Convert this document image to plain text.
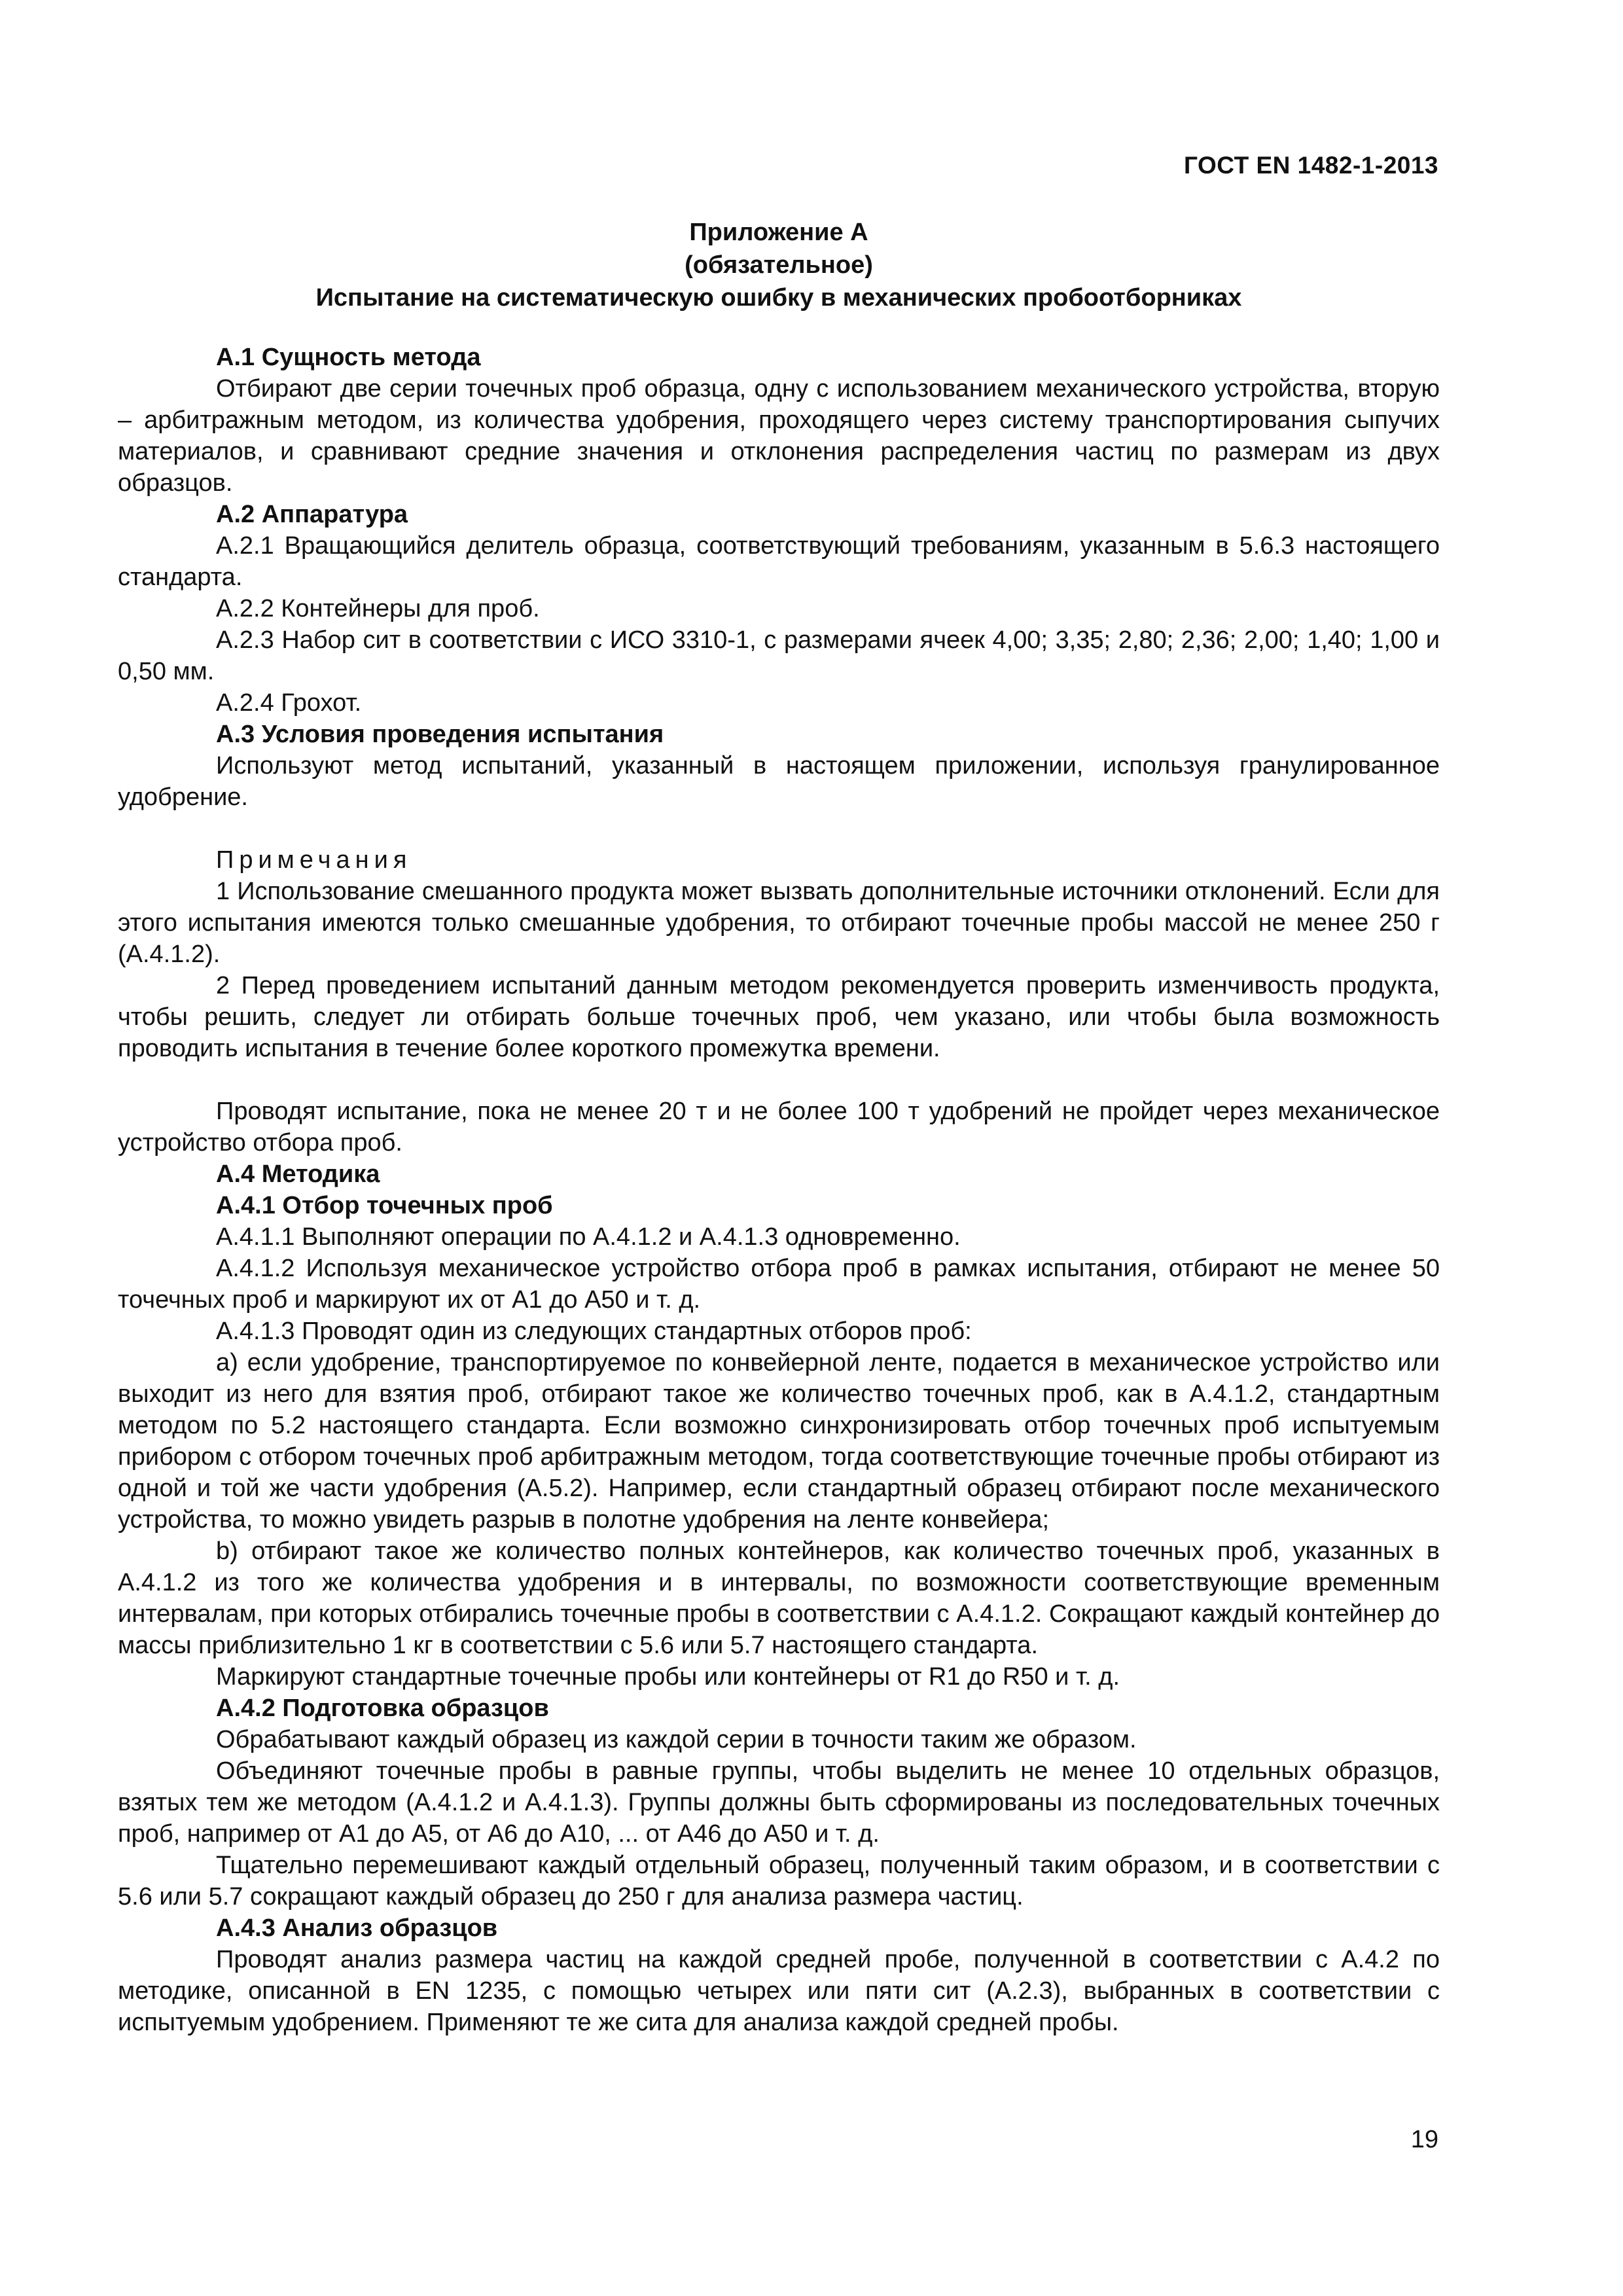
ГОСТ EN 1482-1-2013
Приложение А
(обязательное)
Испытание на систематическую ошибку в механических пробоотборниках

А.1 Сущность метода

Отбирают две серии точечных проб образца, одну с использованием механического устройства, вторую – арбитражным методом, из количества удобрения, проходящего через систему транспортирования сыпучих материалов, и сравнивают средние значения и отклонения распределения частиц по размерам из двух образцов.

А.2 Аппаратура

А.2.1 Вращающийся делитель образца, соответствующий требованиям, указанным в 5.6.3 настоящего стандарта.

А.2.2 Контейнеры для проб.

А.2.3 Набор сит в соответствии с ИСО 3310-1, с размерами ячеек 4,00; 3,35; 2,80; 2,36; 2,00; 1,40; 1,00 и 0,50 мм.

А.2.4 Грохот.

А.3 Условия проведения испытания

Используют метод испытаний, указанный в настоящем приложении, используя гранулированное удобрение.

Примечания

1 Использование смешанного продукта может вызвать дополнительные источники отклонений. Если для этого испытания имеются только смешанные удобрения, то отбирают точечные пробы массой не менее 250 г (А.4.1.2).

2 Перед проведением испытаний данным методом рекомендуется проверить изменчивость продукта, чтобы решить, следует ли отбирать больше точечных проб, чем указано, или чтобы была возможность проводить испытания в течение более короткого промежутка времени.

Проводят испытание, пока не менее 20 т и не более 100 т удобрений не пройдет через механическое устройство отбора проб.

А.4 Методика

А.4.1 Отбор точечных проб

А.4.1.1 Выполняют операции по А.4.1.2 и А.4.1.3 одновременно.

А.4.1.2 Используя механическое устройство отбора проб в рамках испытания, отбирают не менее 50 точечных проб и маркируют их от А1 до А50 и т. д.

А.4.1.3 Проводят один из следующих стандартных отборов проб:

a) если удобрение, транспортируемое по конвейерной ленте, подается в механическое устройство или выходит из него для взятия проб, отбирают такое же количество точечных проб, как в А.4.1.2, стандартным методом по 5.2 настоящего стандарта. Если возможно синхронизировать отбор точечных проб испытуемым прибором с отбором точечных проб арбитражным методом, тогда соответствующие точечные пробы отбирают из одной и той же части удобрения (А.5.2). Например, если стандартный образец отбирают после механического устройства, то можно увидеть разрыв в полотне удобрения на ленте конвейера;

b) отбирают такое же количество полных контейнеров, как количество точечных проб, указанных в А.4.1.2 из того же количества удобрения и в интервалы, по возможности соответствующие временным интервалам, при которых отбирались точечные пробы в соответствии с А.4.1.2. Сокращают каждый контейнер до массы приблизительно 1 кг в соответствии с 5.6 или 5.7 настоящего стандарта.

Маркируют стандартные точечные пробы или контейнеры от R1 до R50 и т. д.

А.4.2 Подготовка образцов

Обрабатывают каждый образец из каждой серии в точности таким же образом.

Объединяют точечные пробы в равные группы, чтобы выделить не менее 10 отдельных образцов, взятых тем же методом (А.4.1.2 и А.4.1.3). Группы должны быть сформированы из последовательных точечных проб, например от А1 до А5, от А6 до А10, ... от А46 до А50 и т. д.

Тщательно перемешивают каждый отдельный образец, полученный таким образом, и в соответствии с 5.6 или 5.7 сокращают каждый образец до 250 г для анализа размера частиц.

А.4.3 Анализ образцов

Проводят анализ размера частиц на каждой средней пробе, полученной в соответствии с А.4.2 по методике, описанной в EN 1235, с помощью четырех или пяти сит (А.2.3), выбранных в соответствии с испытуемым удобрением. Применяют те же сита для анализа каждой средней пробы.

19
